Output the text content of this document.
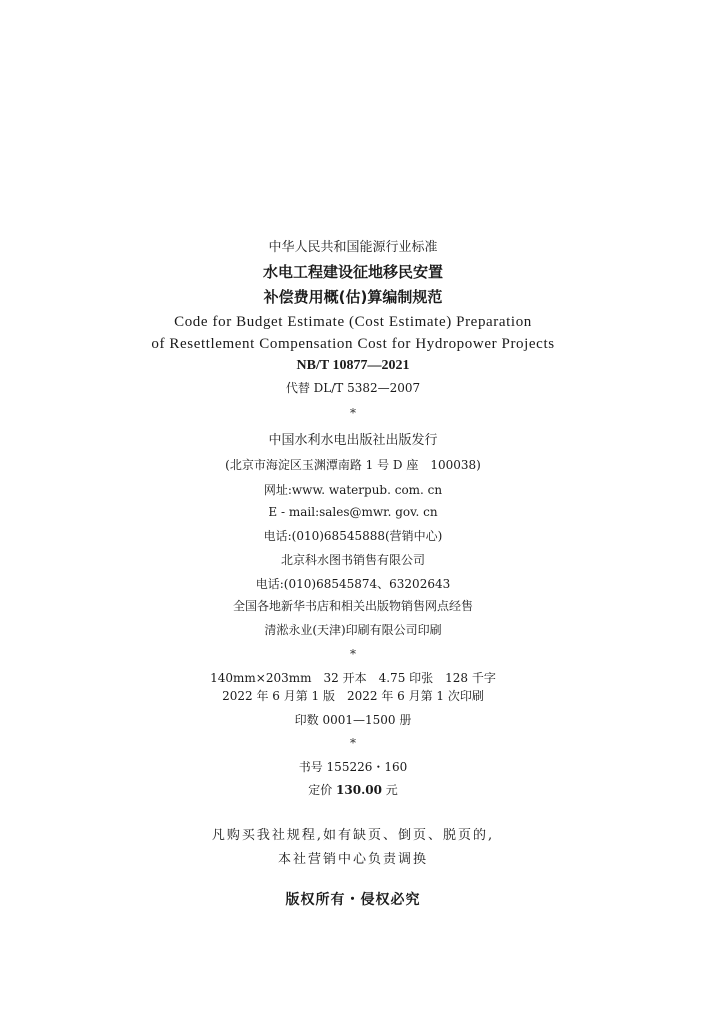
中华人民共和国能源行业标准
水电工程建设征地移民安置
补偿费用概(估)算编制规范
Code for Budget Estimate (Cost Estimate) Preparation
of Resettlement Compensation Cost for Hydropower Projects
NB/T 10877—2021
代替 DL/T 5382—2007
*
中国水利水电出版社出版发行
(北京市海淀区玉渊潭南路 1 号 D 座　100038)
网址:www. waterpub. com. cn
E - mail:sales@mwr. gov. cn
电话:(010)68545888(营销中心)
北京科水图书销售有限公司
电话:(010)68545874、63202643
全国各地新华书店和相关出版物销售网点经售
清淞永业(天津)印刷有限公司印刷
*
140mm×203mm　32 开本　4.75 印张　128 千字
2022 年 6 月第 1 版　2022 年 6 月第 1 次印刷
印数 0001—1500 册
*
书号 155226・160
定价 130.00 元
凡购买我社规程,如有缺页、倒页、脱页的,
本社营销中心负责调换
版权所有・侵权必究
